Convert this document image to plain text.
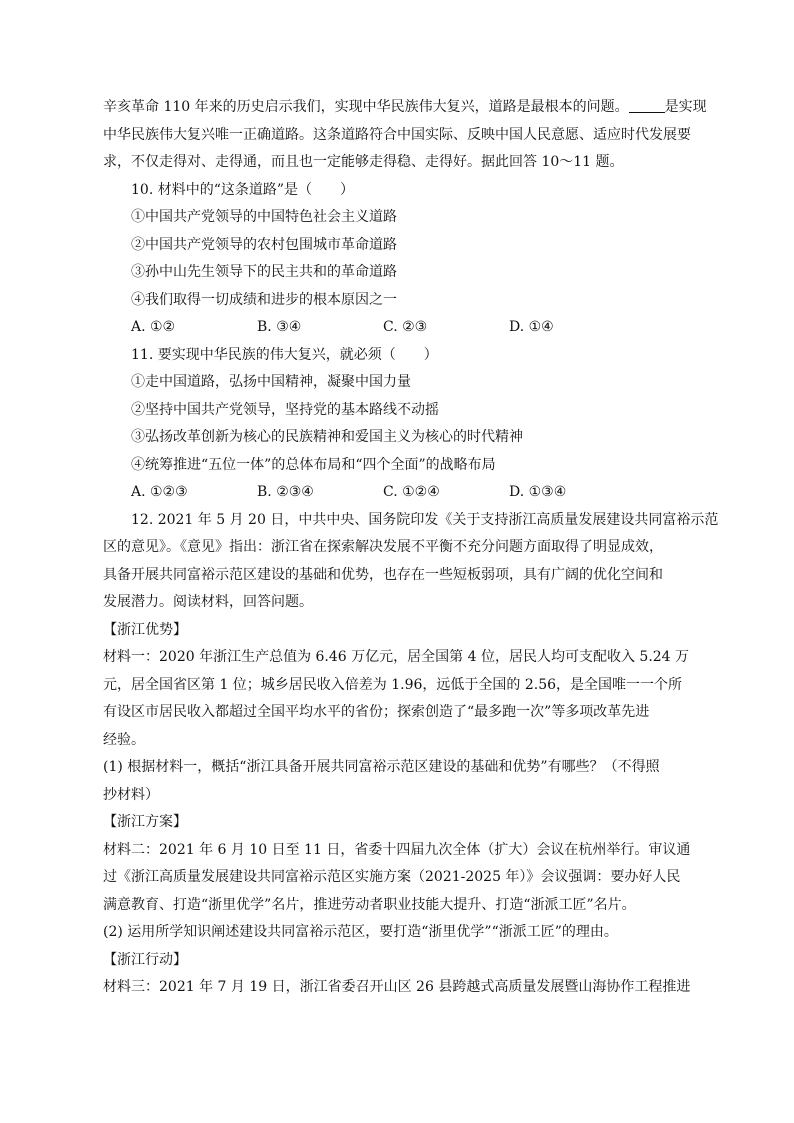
辛亥革命 110 年来的历史启示我们，实现中华民族伟大复兴，道路是最根本的问题。	是实现
中华民族伟大复兴唯一正确道路。这条道路符合中国实际、反映中国人民意愿、适应时代发展要
求，不仅走得对、走得通，而且也一定能够走得稳、走得好。据此回答 10～11 题。
10. 材料中的“这条道路”是（　　）
①中国共产党领导的中国特色社会主义道路
②中国共产党领导的农村包围城市革命道路
③孙中山先生领导下的民主共和的革命道路
④我们取得一切成绩和进步的根本原因之一
A. ①②	B. ③④	C. ②③	D. ①④
11. 要实现中华民族的伟大复兴，就必须（　　）
①走中国道路，弘扬中国精神，凝聚中国力量
②坚持中国共产党领导，坚持党的基本路线不动摇
③弘扬改革创新为核心的民族精神和爱国主义为核心的时代精神
④统筹推进“五位一体”的总体布局和“四个全面”的战略布局
A. ①②③	B. ②③④	C. ①②④	D. ①③④
12. 2021 年 5 月 20 日，中共中央、国务院印发《关于支持浙江高质量发展建设共同富裕示范
区的意见》。《意见》指出：浙江省在探索解决发展不平衡不充分问题方面取得了明显成效，
具备开展共同富裕示范区建设的基础和优势，也存在一些短板弱项，具有广阔的优化空间和
发展潜力。阅读材料，回答问题。
【浙江优势】
材料一：2020 年浙江生产总值为 6.46 万亿元，居全国第 4 位，居民人均可支配收入 5.24 万
元，居全国省区第 1 位；城乡居民收入倍差为 1.96，远低于全国的 2.56，是全国唯一一个所
有设区市居民收入都超过全国平均水平的省份；探索创造了“最多跑一次”等多项改革先进
经验。
(1) 根据材料一，概括“浙江具备开展共同富裕示范区建设的基础和优势”有哪些？（不得照
抄材料）
【浙江方案】
材料二：2021 年 6 月 10 日至 11 日，省委十四届九次全体（扩大）会议在杭州举行。审议通
过《浙江高质量发展建设共同富裕示范区实施方案（2021-2025 年）》会议强调：要办好人民
满意教育、打造“浙里优学”名片，推进劳动者职业技能大提升、打造“浙派工匠”名片。
(2) 运用所学知识阐述建设共同富裕示范区，要打造“浙里优学”“浙派工匠”的理由。
【浙江行动】
材料三：2021 年 7 月 19 日，浙江省委召开山区 26 县跨越式高质量发展暨山海协作工程推进
